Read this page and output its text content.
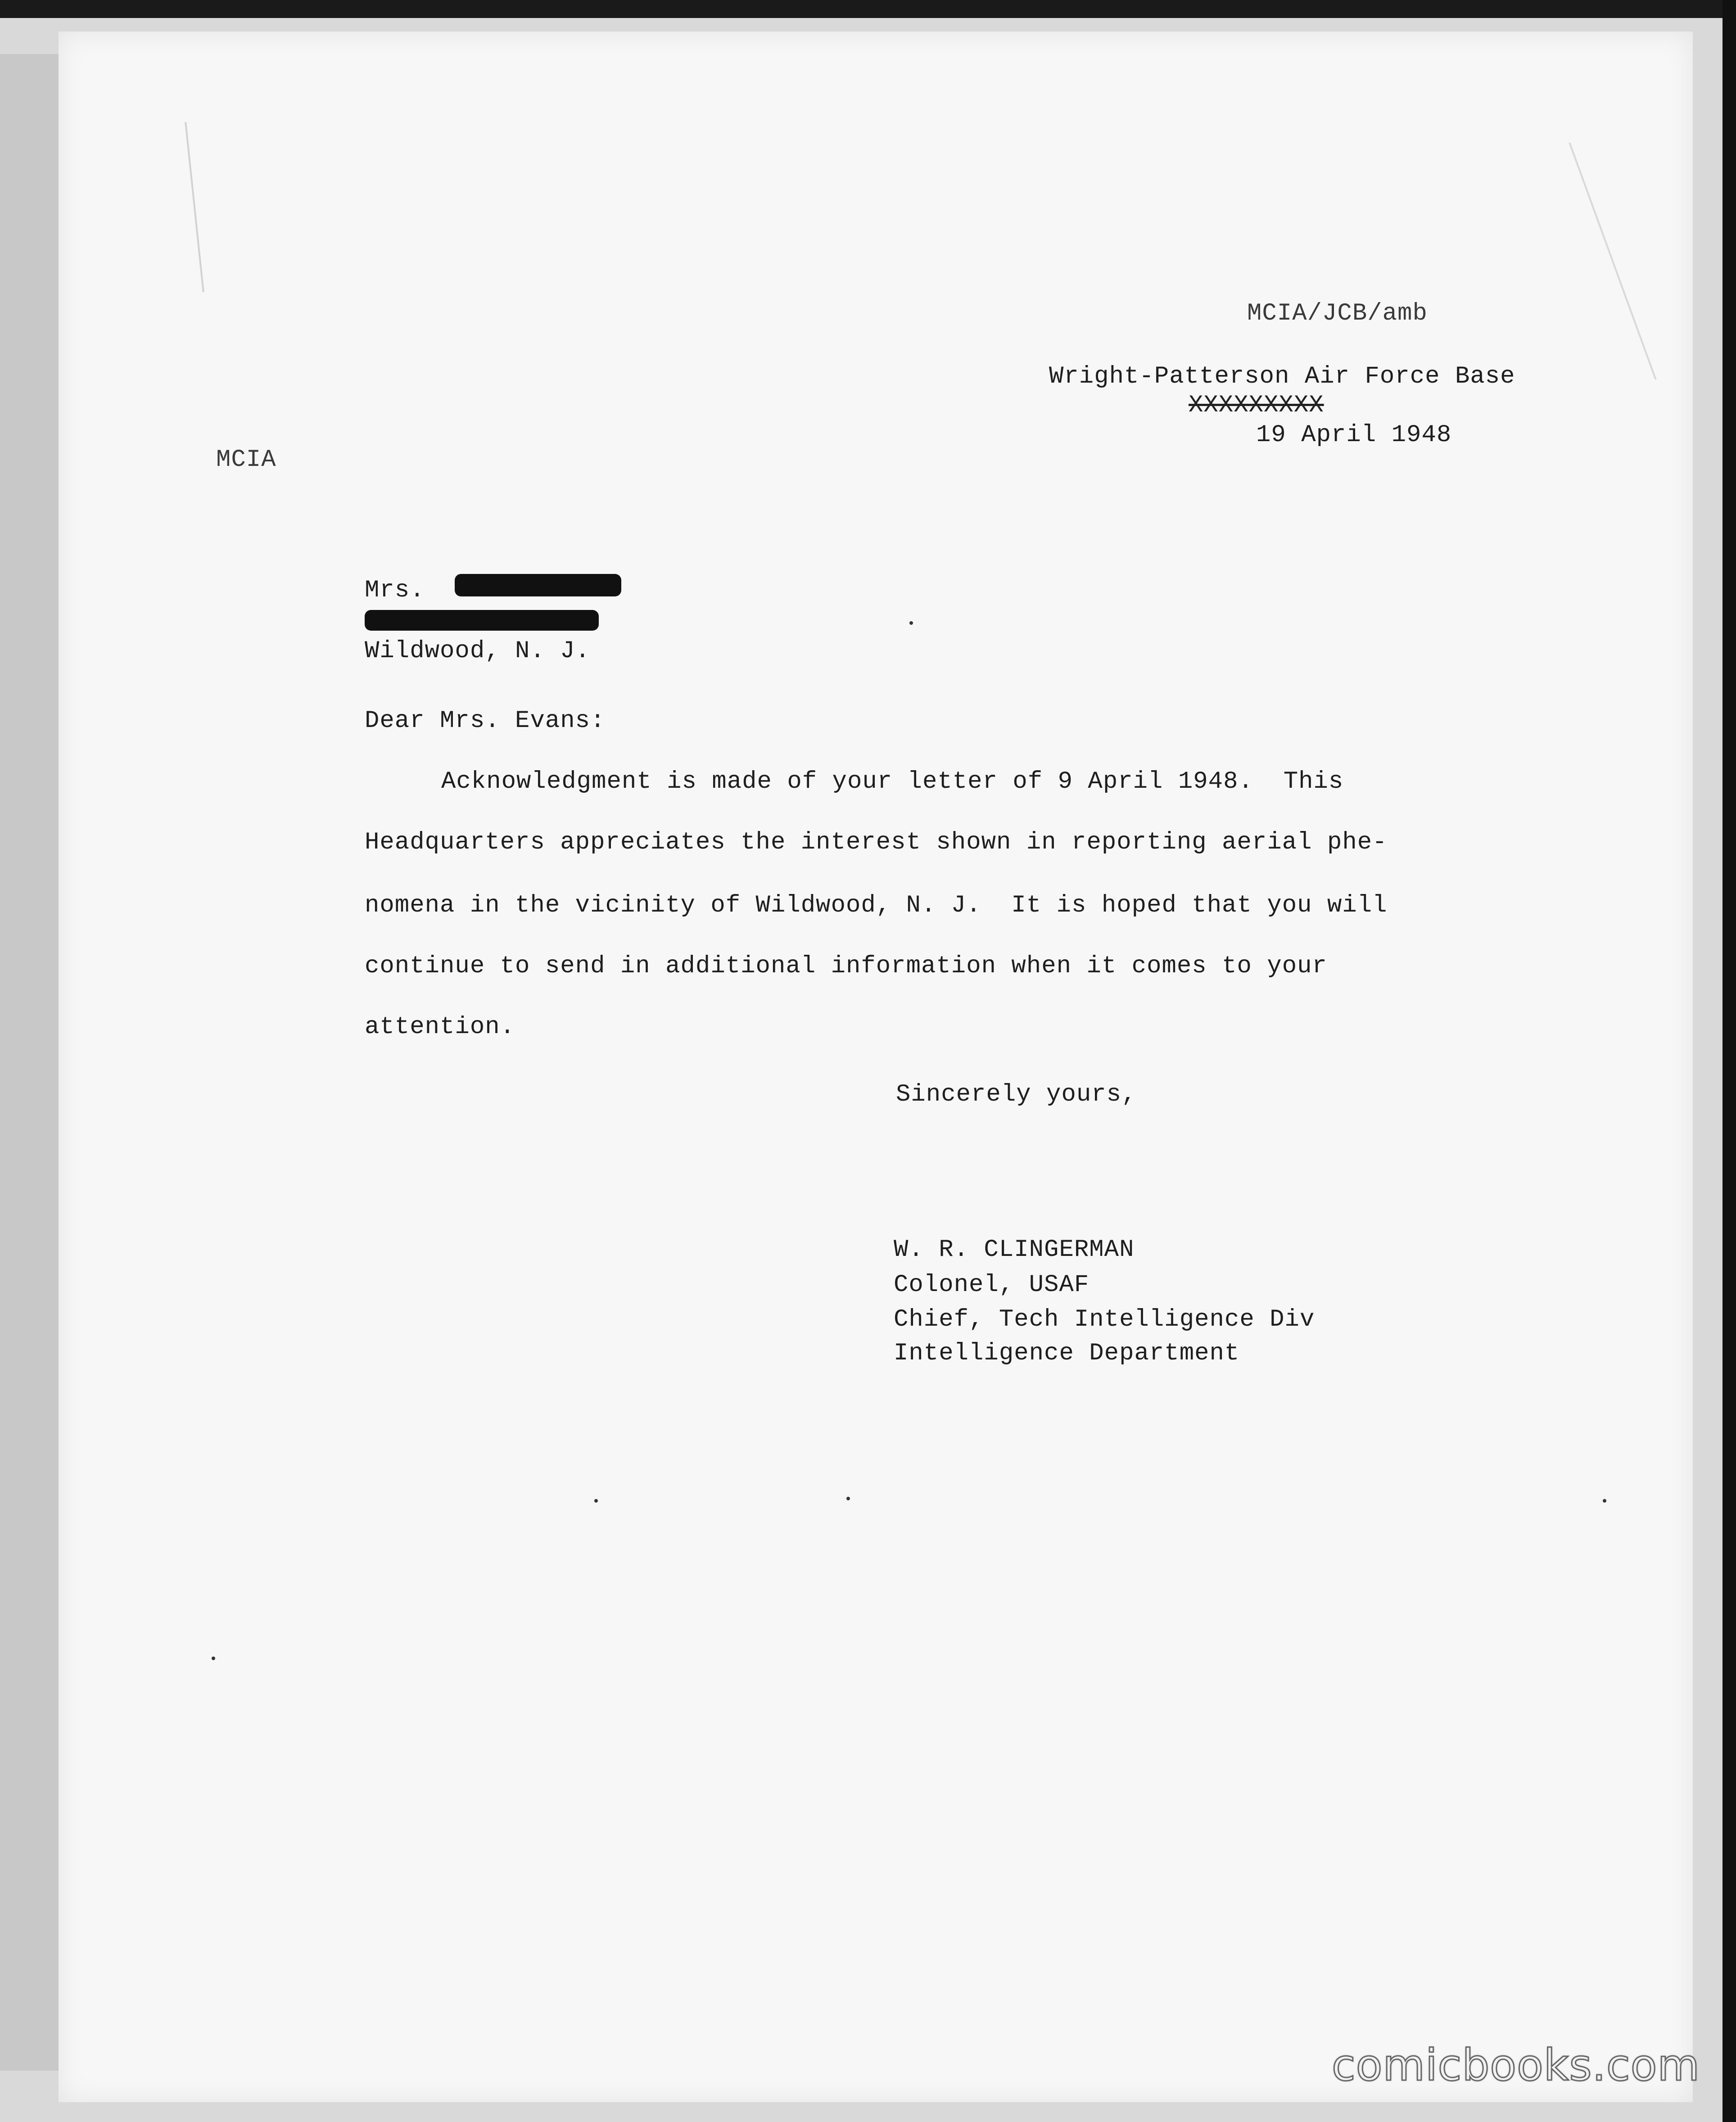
MCIA/JCB/amb
Wright-Patterson Air Force Base
XXXXXXXXX
19 April 1948
MCIA
Mrs.
Wildwood, N. J.
Dear Mrs. Evans:
Acknowledgment is made of your letter of 9 April 1948.  This
Headquarters appreciates the interest shown in reporting aerial phe-
nomena in the vicinity of Wildwood, N. J.  It is hoped that you will
continue to send in additional information when it comes to your
attention.
Sincerely yours,
W. R. CLINGERMAN
Colonel, USAF
Chief, Tech Intelligence Div
Intelligence Department
comicbooks.com
